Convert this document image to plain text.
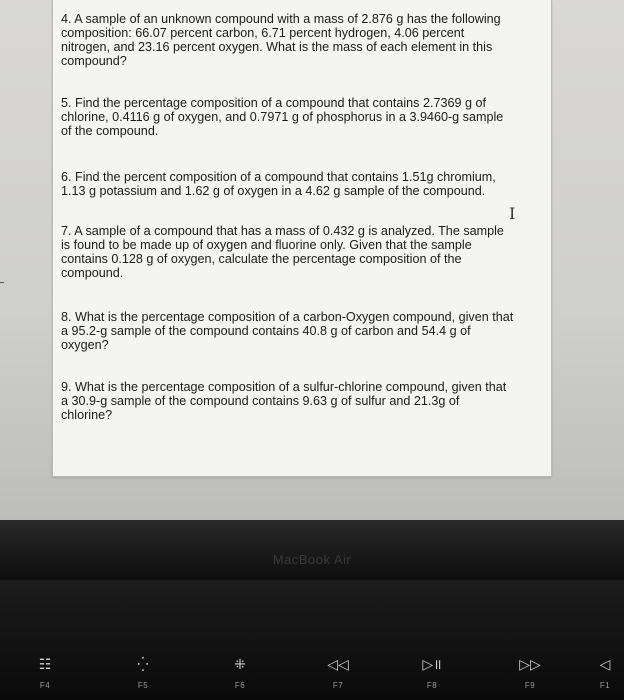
4. A sample of an unknown compound with a mass of 2.876 g has the following
composition: 66.07 percent carbon, 6.71 percent hydrogen, 4.06 percent
nitrogen, and 23.16 percent oxygen. What is the mass of each element in this
compound?
5. Find the percentage composition of a compound that contains 2.7369 g of
chlorine, 0.4116 g of oxygen, and 0.7971 g of phosphorus in a 3.9460-g sample
of the compound.
6. Find the percent composition of a compound that contains 1.51g chromium,
1.13 g potassium and 1.62 g of oxygen in a 4.62 g sample of the compound.
I
7. A sample of a compound that has a mass of 0.432 g is analyzed. The sample
is found to be made up of oxygen and fluorine only. Given that the sample
contains 0.128 g of oxygen, calculate the percentage composition of the
compound.
8. What is the percentage composition of a carbon-Oxygen compound, given that
a 95.2-g sample of the compound contains 40.8 g of carbon and 54.4 g of
oxygen?
9. What is the percentage composition of a sulfur-chlorine compound, given that
a 30.9-g sample of the compound contains 9.63 g of sulfur and 21.3g of
chlorine?
MacBook Air
☷
F4
⁛
F5
⁜
F6
◁◁
F7
▷॥
F8
▷▷
F9
◁
F1
